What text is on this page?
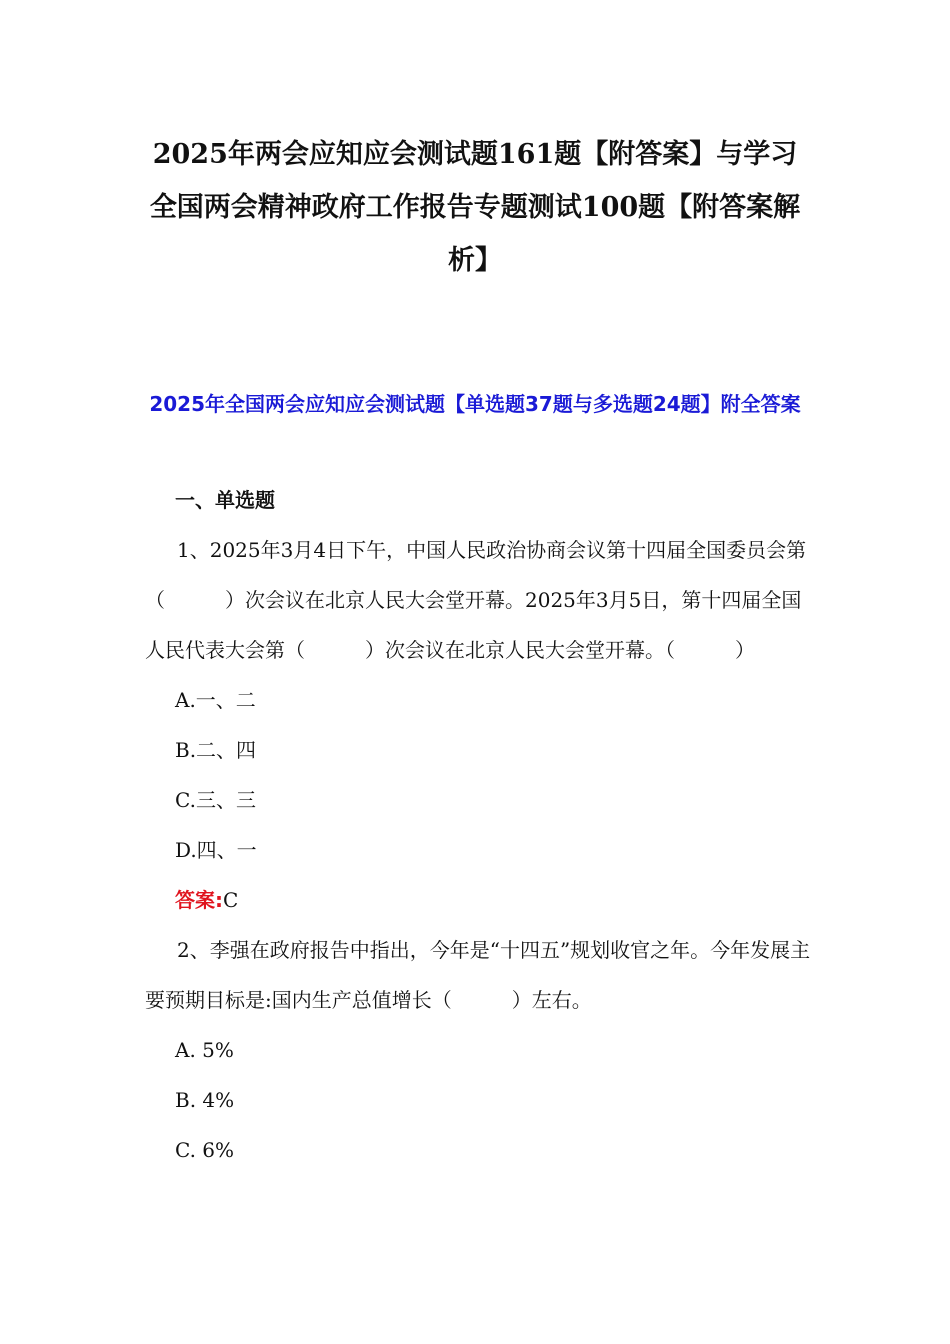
2025年两会应知应会测试题161题【附答案】与学习全国两会精神政府工作报告专题测试100题【附答案解析】
2025年全国两会应知应会测试题【单选题37题与多选题24题】附全答案

一、单选题

1、2025年3月4日下午，中国人民政治协商会议第十四届全国委员会第（　　　）次会议在北京人民大会堂开幕。2025年3月5日，第十四届全国人民代表大会第（　　　）次会议在北京人民大会堂开幕。（　　　）

A.一、二

B.二、四

C.三、三

D.四、一

答案:C

2、李强在政府报告中指出，今年是“十四五”规划收官之年。今年发展主要预期目标是:国内生产总值增长（　　　）左右。

A. 5%

B. 4%

C. 6%
